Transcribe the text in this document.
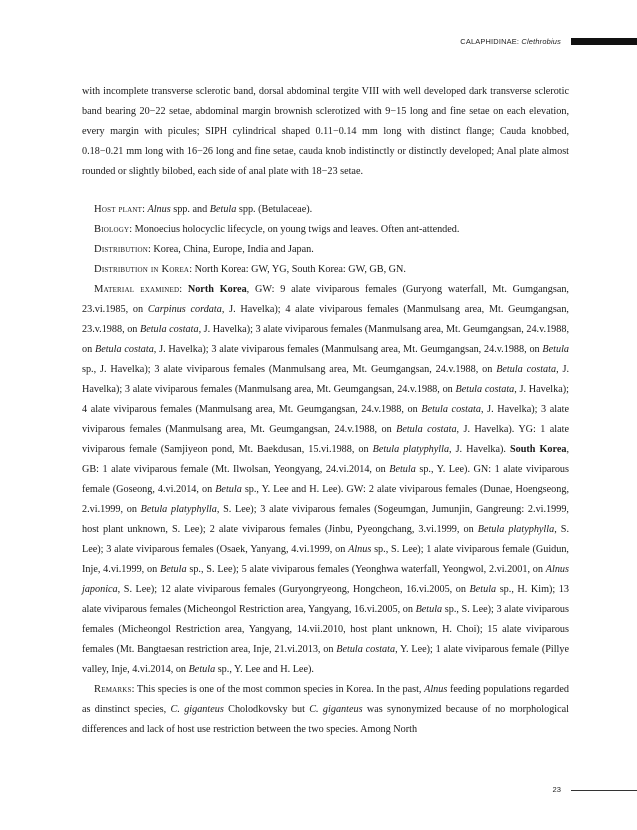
CALAPHIDINAE: Clethrobius

with incomplete transverse sclerotic band, dorsal abdominal tergite VIII with well developed dark transverse sclerotic band bearing 20−22 setae, abdominal margin brownish sclerotized with 9−15 long and fine setae on each elevation, every margin with picules; SIPH cylindrical shaped 0.11−0.14 mm long with distinct flange; Cauda knobbed, 0.18−0.21 mm long with 16−26 long and fine setae, cauda knob indistinctly or distinctly developed; Anal plate almost rounded or slightly bilobed, each side of anal plate with 18−23 setae.

Host plant: Alnus spp. and Betula spp. (Betulaceae).

Biology: Monoecius holocyclic lifecycle, on young twigs and leaves. Often ant-attended.

Distribution: Korea, China, Europe, India and Japan.

Distribution in Korea: North Korea: GW, YG, South Korea: GW, GB, GN.

Material examined: North Korea, GW: 9 alate viviparous females (Guryong waterfall, Mt. Gumgangsan, 23.vi.1985, on Carpinus cordata, J. Havelka); 4 alate viviparous females (Manmulsang area, Mt. Geumgangsan, 23.v.1988, on Betula costata, J. Havelka); 3 alate viviparous females (Manmulsang area, Mt. Geumgangsan, 24.v.1988, on Betula costata, J. Havelka); 3 alate viviparous females (Manmulsang area, Mt. Geumgangsan, 24.v.1988, on Betula sp., J. Havelka); 3 alate viviparous females (Manmulsang area, Mt. Geumgangsan, 24.v.1988, on Betula costata, J. Havelka); 3 alate viviparous females (Manmulsang area, Mt. Geumgangsan, 24.v.1988, on Betula costata, J. Havelka); 4 alate viviparous females (Manmulsang area, Mt. Geumgangsan, 24.v.1988, on Betula costata, J. Havelka); 3 alate viviparous females (Manmulsang area, Mt. Geumgangsan, 24.v.1988, on Betula costata, J. Havelka). YG: 1 alate viviparous female (Samjiyeon pond, Mt. Baekdusan, 15.vi.1988, on Betula platyphylla, J. Havelka). South Korea, GB: 1 alate viviparous female (Mt. Ilwolsan, Yeongyang, 24.vi.2014, on Betula sp., Y. Lee). GN: 1 alate viviparous female (Goseong, 4.vi.2014, on Betula sp., Y. Lee and H. Lee). GW: 2 alate viviparous females (Dunae, Hoengseong, 2.vi.1999, on Betula platyphylla, S. Lee); 3 alate viviparous females (Sogeumgan, Jumunjin, Gangreung: 2.vi.1999, host plant unknown, S. Lee); 2 alate viviparous females (Jinbu, Pyeongchang, 3.vi.1999, on Betula platyphylla, S. Lee); 3 alate viviparous females (Osaek, Yanyang, 4.vi.1999, on Alnus sp., S. Lee); 1 alate viviparous female (Guidun, Inje, 4.vi.1999, on Betula sp., S. Lee); 5 alate viviparous females (Yeonghwa waterfall, Yeongwol, 2.vi.2001, on Alnus japonica, S. Lee); 12 alate viviparous females (Guryongryeong, Hongcheon, 16.vi.2005, on Betula sp., H. Kim); 13 alate viviparous females (Micheongol Restriction area, Yangyang, 16.vi.2005, on Betula sp., S. Lee); 3 alate viviparous females (Micheongol Restriction area, Yangyang, 14.vii.2010, host plant unknown, H. Choi); 15 alate viviparous females (Mt. Bangtaesan restriction area, Inje, 21.vi.2013, on Betula costata, Y. Lee); 1 alate viviparous female (Pillye valley, Inje, 4.vi.2014, on Betula sp., Y. Lee and H. Lee).

Remarks: This species is one of the most common species in Korea. In the past, Alnus feeding populations regarded as dinstinct species, C. giganteus Cholodkovsky but C. giganteus was synonymized because of no morphological differences and lack of host use restriction between the two species. Among North

23
